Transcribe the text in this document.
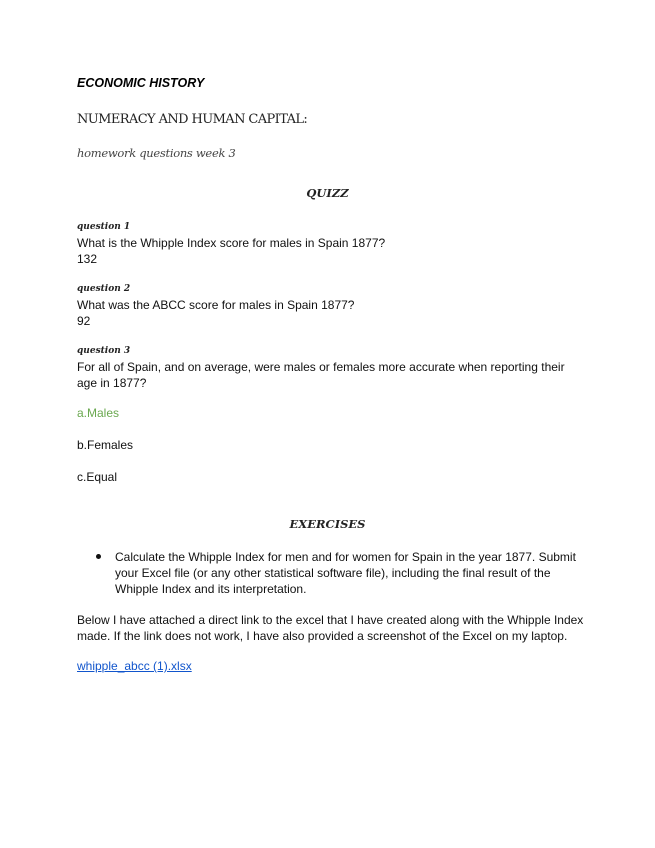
ECONOMIC HISTORY
NUMERACY AND HUMAN CAPITAL:
homework questions week 3
QUIZZ
question 1
What is the Whipple Index score for males in Spain 1877?
132
question 2
What was the ABCC score for males in Spain 1877?
92
question 3
For all of Spain, and on average, were males or females more accurate when reporting their
age in 1877?
a.Males
b.Females
c.Equal
EXERCISES
Calculate the Whipple Index for men and for women for Spain in the year 1877. Submit
your Excel file (or any other statistical software file), including the final result of the
Whipple Index and its interpretation.
Below I have attached a direct link to the excel that I have created along with the Whipple Index
made. If the link does not work, I have also provided a screenshot of the Excel on my laptop.
whipple_abcc (1).xlsx
